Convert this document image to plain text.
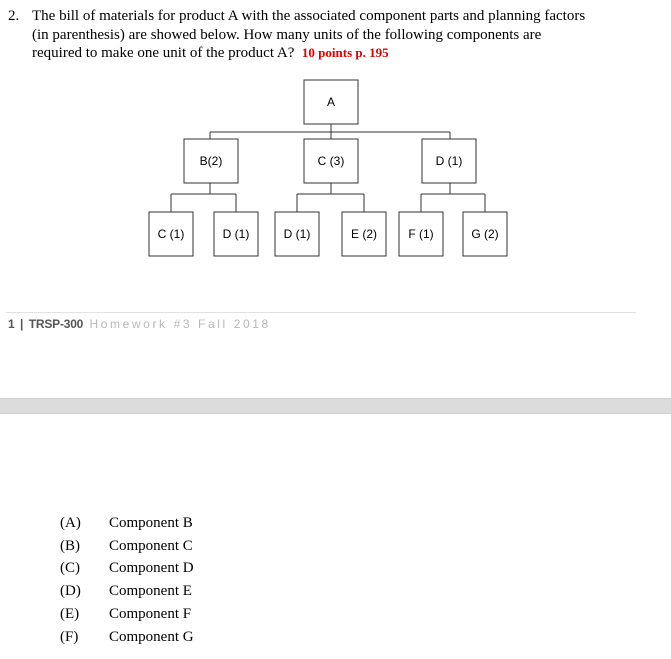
2. The bill of materials for product A with the associated component parts and planning factors
(in parenthesis) are showed below. How many units of the following components are
required to make one unit of the product A? 10 points p. 195
A
B(2)	C (3)	D (1)
C (1)	D (1)	D (1)	E (2)	F (1)	G (2)
1 | TRSP-300 Homework #3 Fall 2018
(A)	Component B
(B)	Component C
(C)	Component D
(D)	Component E
(E)	Component F
(F)	Component G
